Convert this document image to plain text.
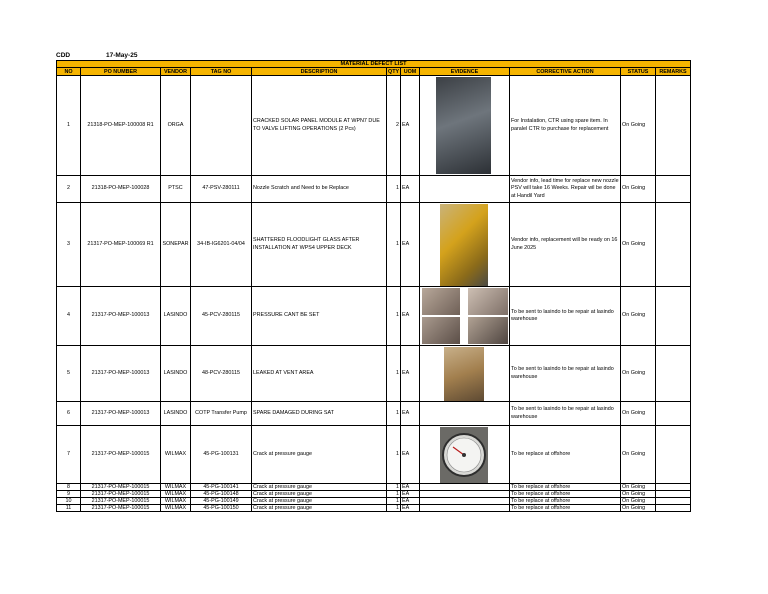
CDD	17-May-25
MATERIAL DEFECT LIST										
NO	PO NUMBER	VENDOR	TAG NO	DESCRIPTION	QTY	UOM	EVIDENCE	CORRECTIVE ACTION	STATUS	REMARKS
1	21318-PO-MEP-100008 R1	ORGA		CRACKED SOLAR PANEL MODULE AT WPN7 DUE TO VALVE LIFTING OPERATIONS (2 Pcs)	2	EA		For Instalation, CTR using spare item. In paralel CTR to purchase for replacement	On Going	
2	21318-PO-MEP-100028	PTSC	47-PSV-280111	Nozzle Scratch and Need to be Replace	1	EA		Vendor info, lead time for replace new nozzle PSV will take 16 Weeks. Repair wil be done at Handil Yard	On Going	
3	21317-PO-MEP-100069 R1	SONEPAR	34-IB-IG6201-04/04	SHATTERED FLOODLIGHT GLASS AFTER INSTALLATION AT WPS4 UPPER DECK	1	EA		Vendor info, replacement will be ready on 16 June 2025	On Going	
4	21317-PO-MEP-100013	LASINDO	45-PCV-280115	PRESSURE CANT BE SET	1	EA		To be sent to lasindo to be repair at lasindo warehouse	On Going	
5	21317-PO-MEP-100013	LASINDO	48-PCV-280115	LEAKED AT VENT AREA	1	EA		To be sent to lasindo to be repair at lasindo warehouse	On Going	
6	21317-PO-MEP-100013	LASINDO	COTP Transfer Pump	SPARE DAMAGED DURING SAT	1	EA		To be sent to lasindo to be repair at lasindo warehouse	On Going	
7	21317-PO-MEP-100015	WILMAX	45-PG-100131	Crack at pressure gauge	1	EA		To be replace at offshore	On Going	
8	21317-PO-MEP-100015	WILMAX	45-PG-100141	Crack at pressure gauge	1	EA		To be replace at offshore	On Going	
9	21317-PO-MEP-100015	WILMAX	45-PG-100148	Crack at pressure gauge	1	EA		To be replace at offshore	On Going	
10	21317-PO-MEP-100015	WILMAX	45-PG-100149	Crack at pressure gauge	1	EA		To be replace at offshore	On Going	
11	21317-PO-MEP-100015	WILMAX	45-PG-100150	Crack at pressure gauge	1	EA		To be replace at offshore	On Going	
